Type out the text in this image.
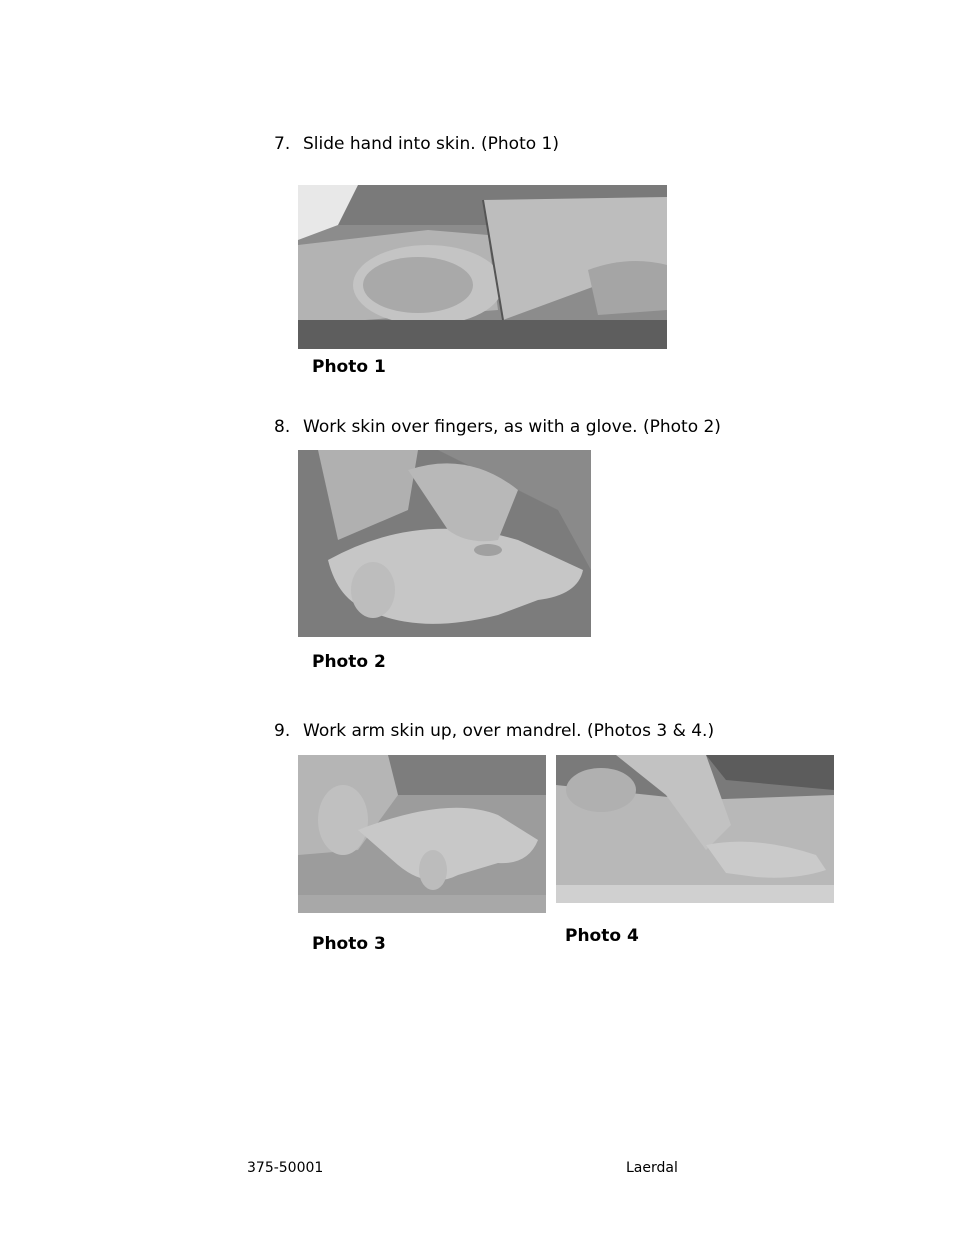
7. Slide hand into skin. (Photo 1)
Photo 1
8. Work skin over fingers, as with a glove. (Photo 2)
Photo 2
9. Work arm skin up, over mandrel. (Photos 3 & 4.)
Photo 3	Photo 4
375-50001	Laerdal
